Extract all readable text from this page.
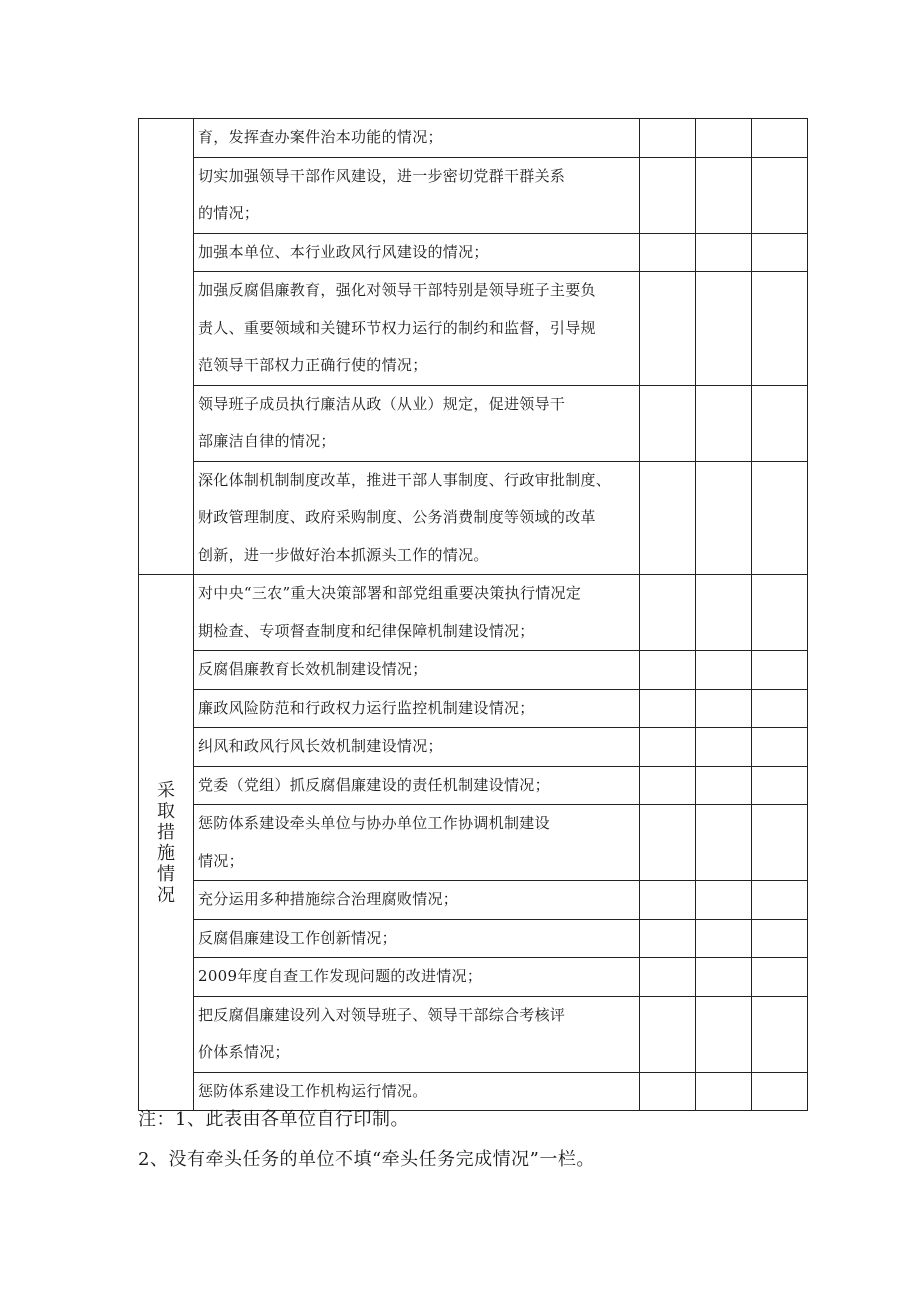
	育，发挥查办案件治本功能的情况；			

	切实加强领导干部作风建设，进一步密切党群干群关系
的情况；			

	加强本单位、本行业政风行风建设的情况；			

	加强反腐倡廉教育，强化对领导干部特别是领导班子主要负
责人、重要领域和关键环节权力运行的制约和监督，引导规
范领导干部权力正确行使的情况；			

	领导班子成员执行廉洁从政（从业）规定，促进领导干
部廉洁自律的情况；			

	深化体制机制制度改革，推进干部人事制度、行政审批制度、
财政管理制度、政府采购制度、公务消费制度等领域的改革
创新，进一步做好治本抓源头工作的情况。			

采取措施情况	对中央“三农”重大决策部署和部党组重要决策执行情况定
期检查、专项督查制度和纪律保障机制建设情况；			

	反腐倡廉教育长效机制建设情况；			

	廉政风险防范和行政权力运行监控机制建设情况；			

	纠风和政风行风长效机制建设情况；			

	党委（党组）抓反腐倡廉建设的责任机制建设情况；			

	惩防体系建设牵头单位与协办单位工作协调机制建设
情况；			

	充分运用多种措施综合治理腐败情况；			

	反腐倡廉建设工作创新情况；			

	2009年度自查工作发现问题的改进情况；			

	把反腐倡廉建设列入对领导班子、领导干部综合考核评
价体系情况；			

	惩防体系建设工作机构运行情况。			

注：1、此表由各单位自行印制。
2、没有牵头任务的单位不填“牵头任务完成情况”一栏。
